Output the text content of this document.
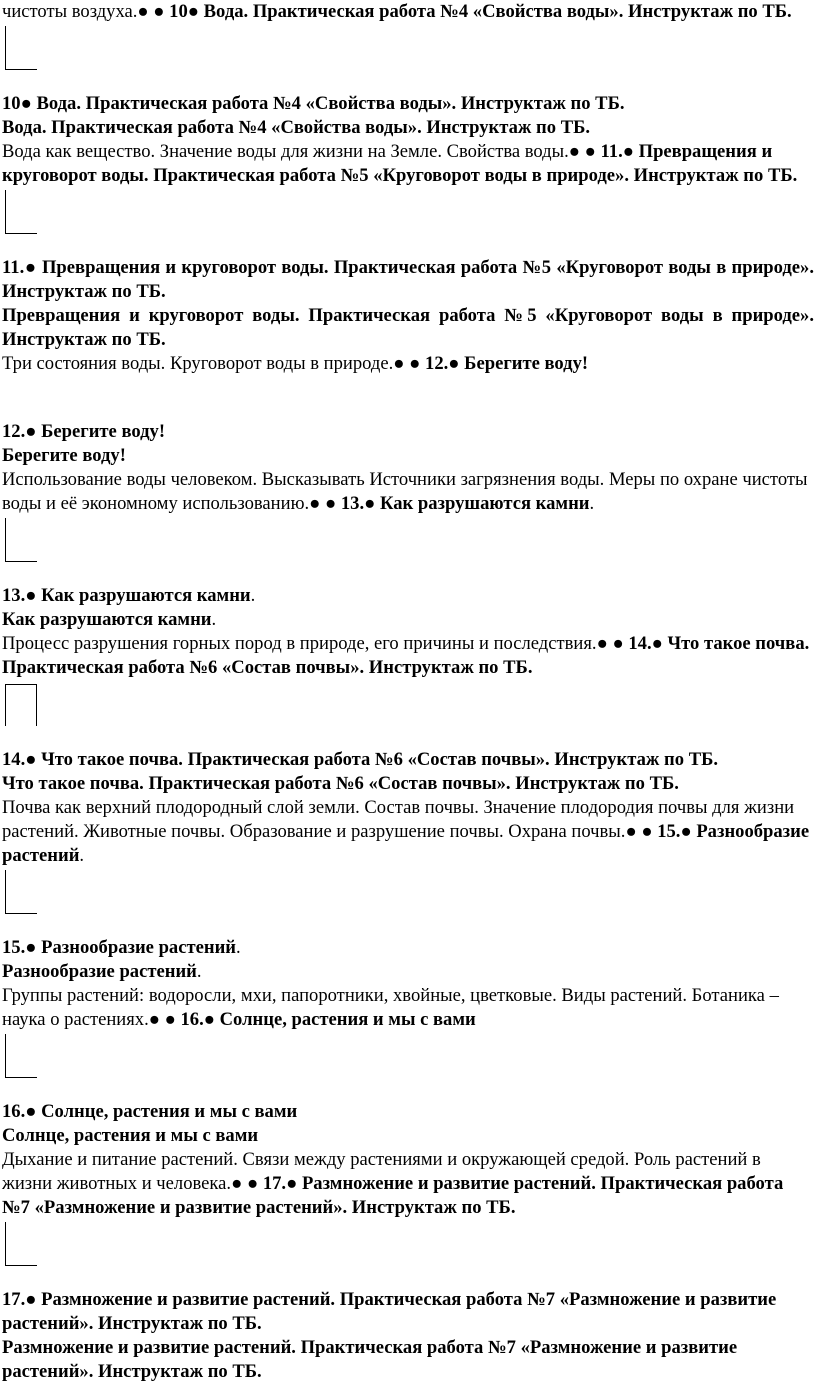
чистоты воздуха.● ● 10● Вода. Практическая работа №4 «Свойства воды». Инструктаж по ТБ.

10● Вода. Практическая работа №4 «Свойства воды». Инструктаж по ТБ.

Вода. Практическая работа №4 «Свойства воды». Инструктаж по ТБ.

Вода как вещество. Значение воды для жизни на Земле. Свойства воды.● ● 11.● Превращения и круговорот воды. Практическая работа №5 «Круговорот воды в природе». Инструктаж по ТБ.

11.● Превращения и круговорот воды. Практическая работа №5 «Круговорот воды в природе». Инструктаж по ТБ.

Превращения и круговорот воды. Практическая работа №5 «Круговорот воды в природе». Инструктаж по ТБ.

Три состояния воды. Круговорот воды в природе.● ● 12.● Берегите воду!

12.● Берегите воду!

Берегите воду!

Использование воды человеком. Высказывать Источники загрязнения воды. Меры по охране чистоты воды и её экономному использованию.● ● 13.● Как разрушаются камни.

13.● Как разрушаются камни.

Как разрушаются камни.

Процесс разрушения горных пород в природе, его причины и последствия.● ● 14.● Что такое почва. Практическая работа №6 «Состав почвы». Инструктаж по ТБ.

14.● Что такое почва. Практическая работа №6 «Состав почвы». Инструктаж по ТБ.

Что такое почва. Практическая работа №6 «Состав почвы». Инструктаж по ТБ.

Почва как верхний плодородный слой земли. Состав почвы. Значение плодородия почвы для жизни растений. Животные почвы. Образование и разрушение почвы. Охрана почвы.● ● 15.● Разнообразие растений.

15.● Разнообразие растений.

Разнообразие растений.

Группы растений: водоросли, мхи, папоротники, хвойные, цветковые. Виды растений. Ботаника – наука о растениях.● ● 16.● Солнце, растения и мы с вами

16.● Солнце, растения и мы с вами

Солнце, растения и мы с вами

Дыхание и питание растений. Связи между растениями и окружающей средой. Роль растений в жизни животных и человека.● ● 17.● Размножение и развитие растений. Практическая работа №7 «Размножение и развитие растений». Инструктаж по ТБ.

17.● Размножение и развитие растений. Практическая работа №7 «Размножение и развитие растений». Инструктаж по ТБ.

Размножение и развитие растений. Практическая работа №7 «Размножение и развитие растений». Инструктаж по ТБ.
